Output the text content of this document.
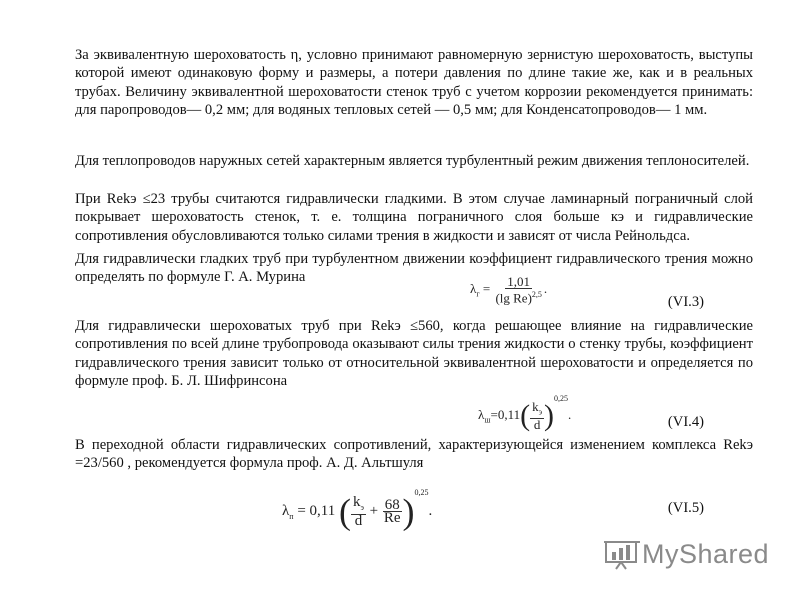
За эквивалентную шероховатость η, условно принимают равномерную зернистую шероховатость, выступы которой имеют одинаковую форму и размеры, а потери давления по длине такие же, как и в реальных трубах. Величину эквивалентной шероховатости стенок труб с учетом коррозии рекомендуется принимать: для паропроводов— 0,2 мм; для водяных тепловых сетей — 0,5 мм; для Конденсатопроводов— 1 мм.

Для теплопроводов наружных сетей характерным является турбулентный режим движения теплоносителей.

При Rekэ ≤23 трубы считаются гидравлически гладкими. В этом случае ламинарный пограничный слой покрывает шероховатость стенок, т. е. толщина пограничного слоя больше кэ и гидравлические сопротивления обусловливаются только силами трения в жидкости и зависят от числа Рейнольдса.

Для гидравлически гладких труб при турбулентном движении коэффициент гидравлического трения можно определять по формуле Г. А. Мурина

$\lambda_г = \frac{1,01}{(\lg Re)^{2,5}}$ .
(VI.3)

Для гидравлически шероховатых труб при Rekэ ≤560, когда решающее влияние на гидравлические сопротивления по всей длине трубопровода оказывают силы трения жидкости о стенку трубы, коэффициент гидравлического трения зависит только от относительной эквивалентной шероховатости и определяется по формуле проф. Б. Л. Шифринсона

$\lambda_ш=0,11( \frac{k_э}{d} )^{0,25}$.	(VI.4)

В переходной области гидравлических сопротивлений, характеризующейся изменением комплекса Rekэ =23/560 , рекомендуется формула проф. А. Д. Альтшуля

$\lambda_п = 0,11$ ( $\frac{k_э}{d} + \frac{68}{Re} )^{0,25}$.	(VI.5)
MyShared
